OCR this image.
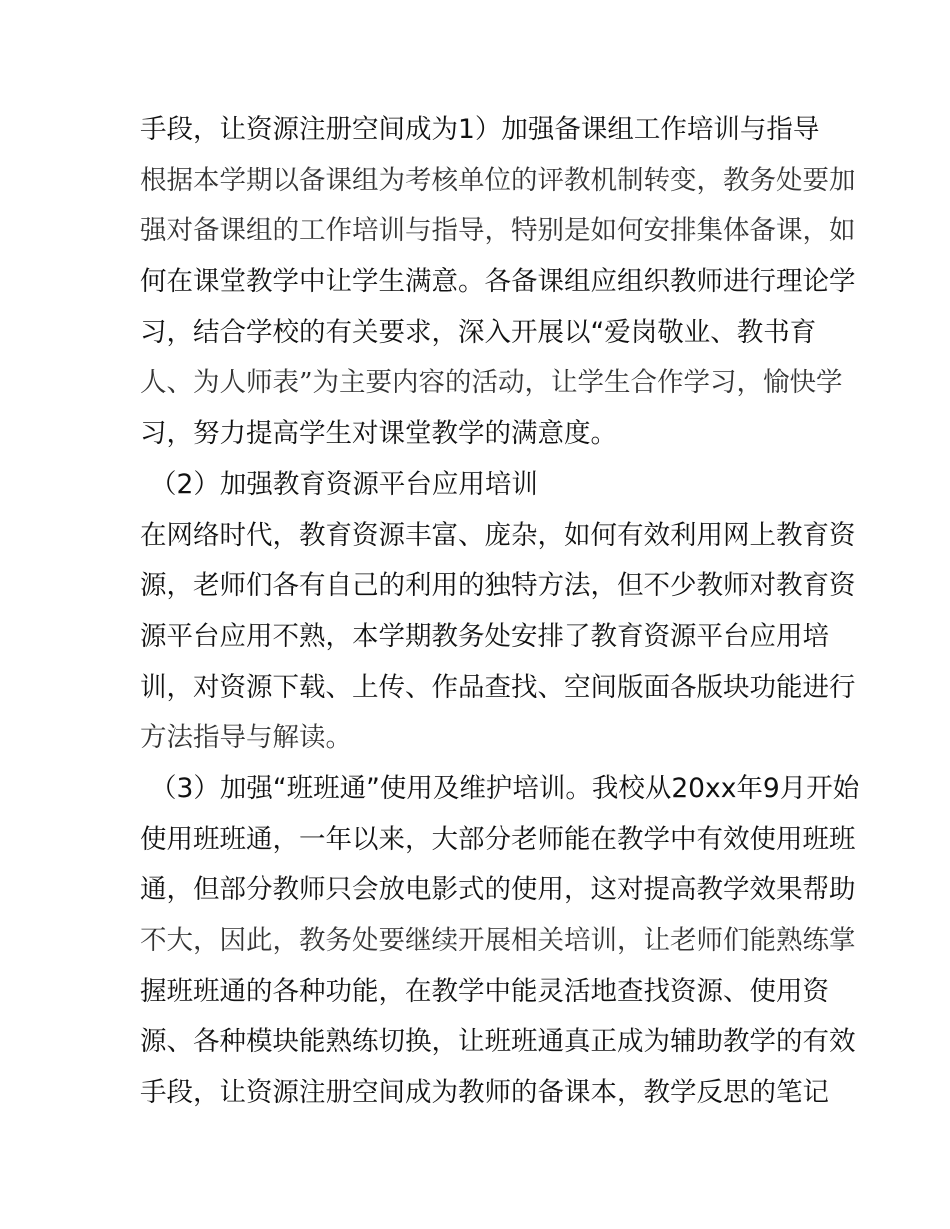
手段，让资源注册空间成为1）加强备课组工作培训与指导
根据本学期以备课组为考核单位的评教机制转变，教务处要加
强对备课组的工作培训与指导，特别是如何安排集体备课，如
何在课堂教学中让学生满意。各备课组应组织教师进行理论学
习，结合学校的有关要求，深入开展以“爱岗敬业、教书育
人、为人师表”为主要内容的活动，让学生合作学习，愉快学
习，努力提高学生对课堂教学的满意度。
（2）加强教育资源平台应用培训
在网络时代，教育资源丰富、庞杂，如何有效利用网上教育资
源，老师们各有自己的利用的独特方法，但不少教师对教育资
源平台应用不熟，本学期教务处安排了教育资源平台应用培
训，对资源下载、上传、作品查找、空间版面各版块功能进行
方法指导与解读。
（3）加强“班班通”使用及维护培训。我校从20xx年9月开始
使用班班通，一年以来，大部分老师能在教学中有效使用班班
通，但部分教师只会放电影式的使用，这对提高教学效果帮助
不大，因此，教务处要继续开展相关培训，让老师们能熟练掌
握班班通的各种功能，在教学中能灵活地查找资源、使用资
源、各种模块能熟练切换，让班班通真正成为辅助教学的有效
手段，让资源注册空间成为教师的备课本，教学反思的笔记
